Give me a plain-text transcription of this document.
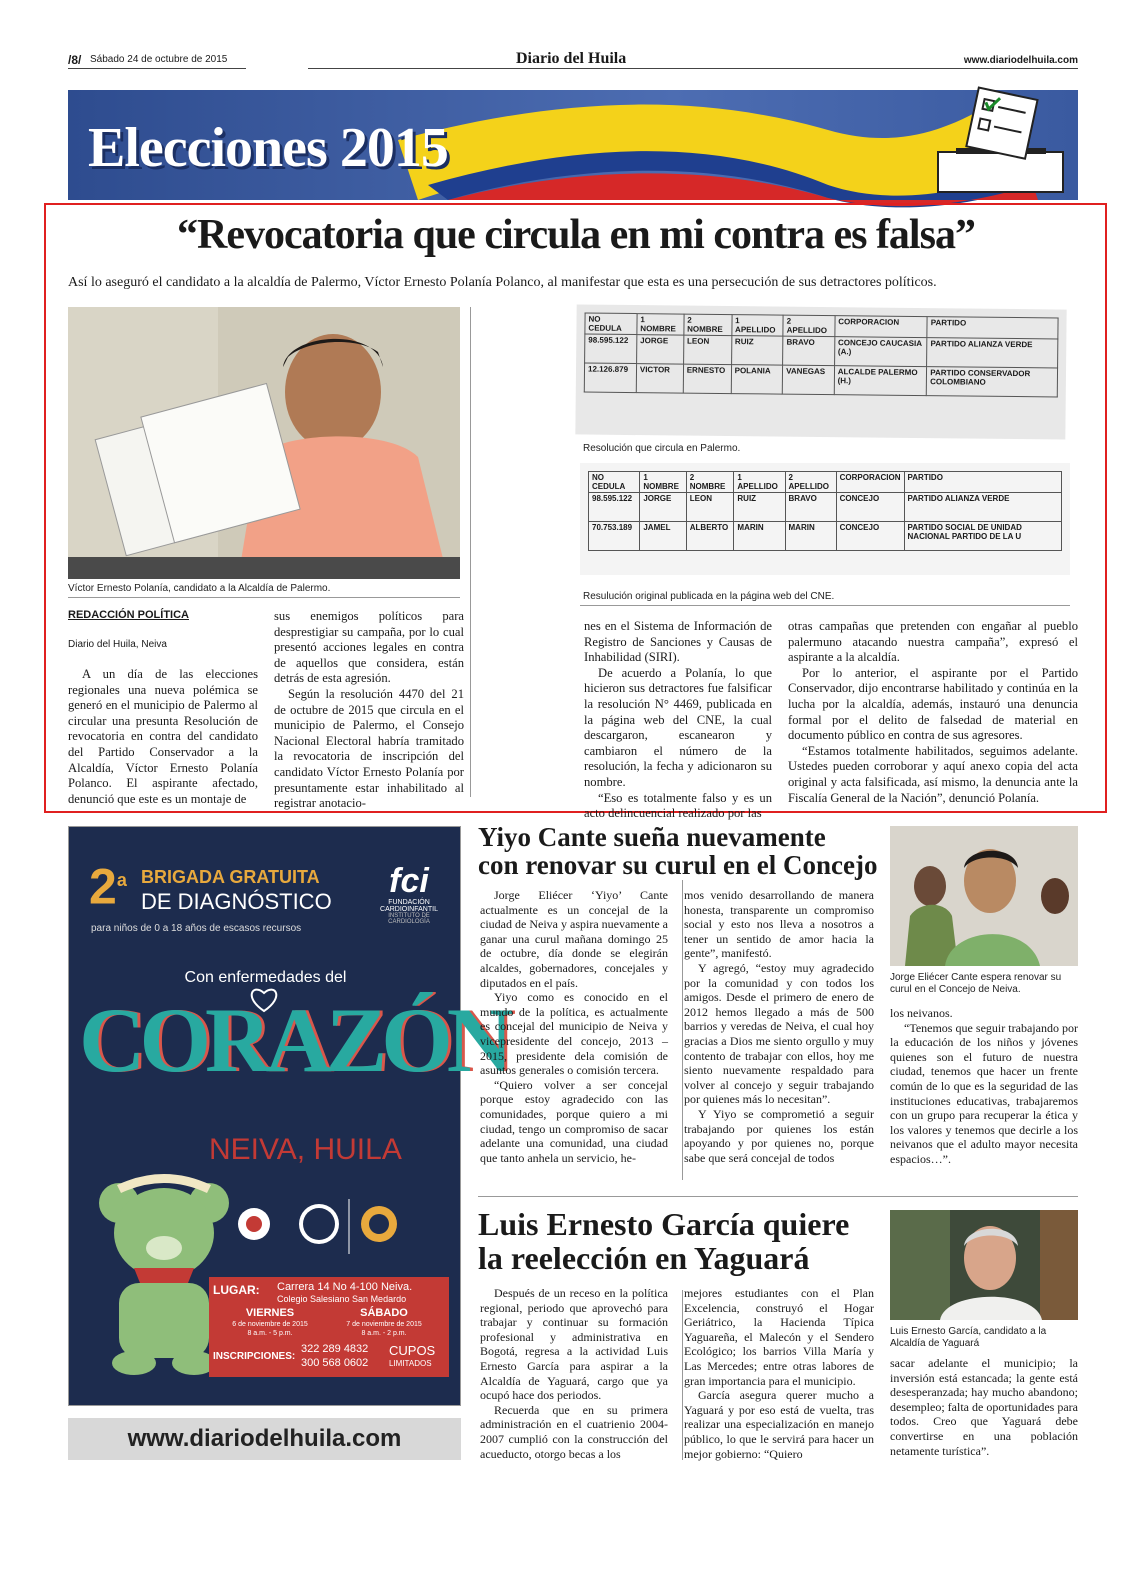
/8/ Sábado 24 de octubre de 2015	Diario del Huila	www.diariodelhuila.com
Elecciones 2015
“Revocatoria que circula en mi contra es falsa”
Así lo aseguró el candidato a la alcaldía de Palermo, Víctor Ernesto Polanía Polanco, al manifestar que esta es una persecución de sus detractores políticos.
Víctor Ernesto Polanía, candidato a la Alcaldía de Palermo.
NO CEDULA	1 NOMBRE	2 NOMBRE	1 APELLIDO	2 APELLIDO	CORPORACION	PARTIDO
98.595.122	JORGE	LEON	RUIZ	BRAVO	CONCEJO CAUCASIA (A.)	PARTIDO ALIANZA VERDE
12.126.879	VICTOR	ERNESTO	POLANIA	VANEGAS	ALCALDE PALERMO (H.)	PARTIDO CONSERVADOR COLOMBIANO
Resolución que circula en Palermo.
NO CEDULA	1 NOMBRE	2 NOMBRE	1 APELLIDO	2 APELLIDO	CORPORACION	PARTIDO
98.595.122	JORGE	LEON	RUIZ	BRAVO	CONCEJO	PARTIDO ALIANZA VERDE
70.753.189	JAMEL	ALBERTO	MARIN	MARIN	CONCEJO	PARTIDO SOCIAL DE UNIDAD NACIONAL PARTIDO DE LA U
Resulución original publicada en la página web del CNE.
REDACCIÓN POLÍTICA
Diario del Huila, Neiva

A un día de las elecciones regionales una nueva polémica se generó en el municipio de Palermo al circular una presunta Resolución de revocatoria en contra del candidato del Partido Conservador a la Alcaldía, Víctor Ernesto Polanía Polanco. El aspirante afectado, denunció que este es un montaje de

sus enemigos políticos para desprestigiar su campaña, por lo cual presentó acciones legales en contra de aquellos que considera, están detrás de esta agresión.

Según la resolución 4470 del 21 de octubre de 2015 que circula en el municipio de Palermo, el Consejo Nacional Electoral habría tramitado la revocatoria de inscripción del candidato Víctor Ernesto Polanía por presuntamente estar inhabilitado al registrar anotacio-

nes en el Sistema de Información de Registro de Sanciones y Causas de Inhabilidad (SIRI).

De acuerdo a Polanía, lo que hicieron sus detractores fue falsificar la resolución N° 4469, publicada en la página web del CNE, la cual descargaron, escanearon y cambiaron el número de la resolución, la fecha y adicionaron su nombre.

“Eso es totalmente falso y es un acto delincuencial realizado por las

otras campañas que pretenden con engañar al pueblo palermuno atacando nuestra campaña”, expresó el aspirante a la alcaldía.

Por lo anterior, el aspirante por el Partido Conservador, dijo encontrarse habilitado y continúa en la lucha por la alcaldía, además, instauró una denuncia formal por el delito de falsedad de material en documento público en contra de sus agresores.

“Estamos totalmente habilitados, seguimos adelante. Ustedes pueden corroborar y aquí anexo copia del acta original y acta falsificada, así mismo, la denuncia ante la Fiscalía General de la Nación”, denunció Polanía.

2$^a$ BRIGADA GRATUITA
DE DIAGNÓSTICO
para niños de 0 a 18 años de escasos recursos
fci
FUNDACIÓN CARDIOINFANTIL
INSTITUTO DE CARDIOLOGÍA
Con enfermedades del
CORAZÓN
NEIVA, HUILA
LUGAR: Carrera 14 No 4-100 Neiva.
Colegio Salesiano San Medardo
VIERNES
6 de noviembre de 2015
8 a.m. - 5 p.m.
SÁBADO
7 de noviembre de 2015
8 a.m. - 2 p.m.
INSCRIPCIONES:
322 289 4832
300 568 0602
CUPOS
LIMITADOS
www.diariodelhuila.com
Yiyo Cante sueña nuevamente
con renovar su curul en el Concejo

Jorge Eliécer ‘Yiyo’ Cante actualmente es un concejal de la ciudad de Neiva y aspira nuevamente a ganar una curul mañana domingo 25 de octubre, día donde se elegirán alcaldes, gobernadores, concejales y diputados en el país.

Yiyo como es conocido en el mundo de la política, es actualmente es concejal del municipio de Neiva y vicepresidente del concejo, 2013 – 2015, presidente dela comisión de asuntos generales o comisión tercera.

“Quiero volver a ser concejal porque estoy agradecido con las comunidades, porque quiero a mi ciudad, tengo un compromiso de sacar adelante una comunidad, una ciudad que tanto anhela un servicio, he-

mos venido desarrollando de manera honesta, transparente un compromiso social y esto nos lleva a nosotros a tener un sentido de amor hacia la gente”, manifestó.

Y agregó, “estoy muy agradecido por la comunidad y con todos los amigos. Desde el primero de enero de 2012 hemos llegado a más de 500 barrios y veredas de Neiva, el cual hoy gracias a Dios me siento orgullo y muy contento de trabajar con ellos, hoy me siento nuevamente respaldado para volver al concejo y seguir trabajando por quienes más lo necesitan”.

Y Yiyo se comprometió a seguir trabajando por quienes los están apoyando y por quienes no, porque sabe que será concejal de todos

Jorge Eliécer Cante espera renovar su curul en el Concejo de Neiva.

los neivanos.

“Tenemos que seguir trabajando por la educación de los niños y jóvenes quienes son el futuro de nuestra ciudad, tenemos que hacer un frente común de lo que es la seguridad de las instituciones educativas, trabajaremos con un grupo para recuperar la ética y los valores y tenemos que decirle a los neivanos que el adulto mayor necesita espacios…”.

Luis Ernesto García quiere
la reelección en Yaguará

Después de un receso en la política regional, periodo que aprovechó para trabajar y continuar su formación profesional y administrativa en Bogotá, regresa a la actividad Luis Ernesto García para aspirar a la Alcaldía de Yaguará, cargo que ya ocupó hace dos periodos.

Recuerda que en su primera administración en el cuatrienio 2004-2007 cumplió con la construcción del acueducto, otorgo becas a los

mejores estudiantes con el Plan Excelencia, construyó el Hogar Geriátrico, la Hacienda Típica Yaguareña, el Malecón y el Sendero Ecológico; los barrios Villa María y Las Mercedes; entre otras labores de gran importancia para el municipio.

García asegura querer mucho a Yaguará y por eso está de vuelta, tras realizar una especialización en manejo público, lo que le servirá para hacer un mejor gobierno: “Quiero

Luis Ernesto García, candidato a la Alcaldía de Yaguará

sacar adelante el municipio; la inversión está estancada; la gente está desesperanzada; hay mucho abandono; desempleo; falta de oportunidades para todos. Creo que Yaguará debe convertirse en una población netamente turística”.
